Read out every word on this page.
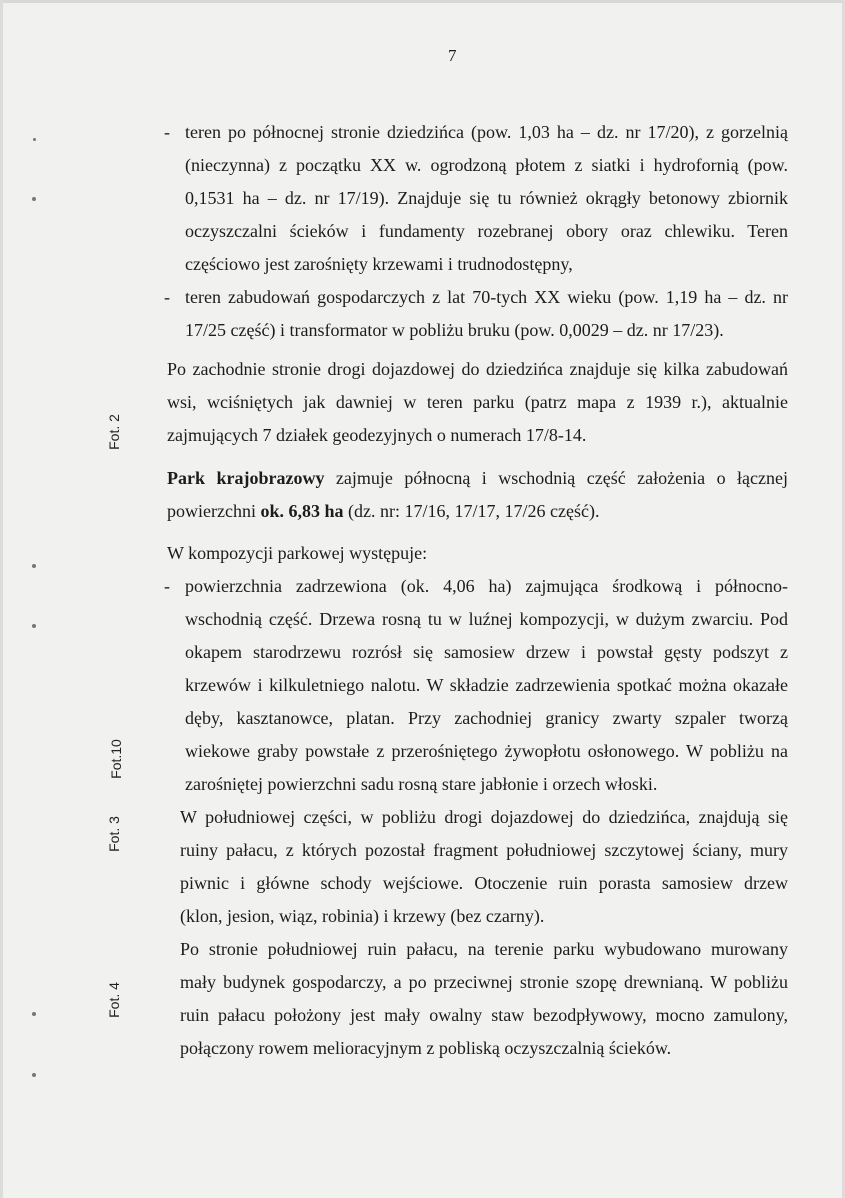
7
Fot. 2
Fot.10
Fot. 3
Fot. 4
- teren po północnej stronie dziedzińca (pow. 1,03 ha – dz. nr 17/20), z gorzelnią
(nieczynna) z początku XX w. ogrodzoną płotem z siatki i hydrofornią (pow.
0,1531 ha – dz. nr 17/19). Znajduje się tu również okrągły betonowy zbiornik
oczyszczalni ścieków i fundamenty rozebranej obory oraz chlewiku. Teren
częściowo jest zarośnięty krzewami i trudnodostępny,
- teren zabudowań gospodarczych z lat 70-tych XX wieku (pow. 1,19 ha – dz. nr
17/25 część) i transformator w pobliżu bruku (pow. 0,0029 – dz. nr 17/23).
Po zachodnie stronie drogi dojazdowej do dziedzińca znajduje się kilka zabudowań
wsi, wciśniętych jak dawniej w teren parku (patrz mapa z 1939 r.), aktualnie
zajmujących 7 działek geodezyjnych o numerach 17/8-14.
Park krajobrazowy zajmuje północną i wschodnią część założenia o łącznej
powierzchni ok. 6,83 ha (dz. nr: 17/16, 17/17, 17/26 część).
W kompozycji parkowej występuje:
- powierzchnia zadrzewiona (ok. 4,06 ha) zajmująca środkową i północno-
wschodnią część. Drzewa rosną tu w luźnej kompozycji, w dużym zwarciu. Pod
okapem starodrzewu rozrósł się samosiew drzew i powstał gęsty podszyt z
krzewów i kilkuletniego nalotu. W składzie zadrzewienia spotkać można okazałe
dęby, kasztanowce, platan. Przy zachodniej granicy zwarty szpaler tworzą
wiekowe graby powstałe z przerośniętego żywopłotu osłonowego. W pobliżu na
zarośniętej powierzchni sadu rosną stare jabłonie i orzech włoski.
W południowej części, w pobliżu drogi dojazdowej do dziedzińca, znajdują się
ruiny pałacu, z których pozostał fragment południowej szczytowej ściany, mury
piwnic i główne schody wejściowe. Otoczenie ruin porasta samosiew drzew
(klon, jesion, wiąz, robinia) i krzewy (bez czarny).
Po stronie południowej ruin pałacu, na terenie parku wybudowano murowany
mały budynek gospodarczy, a po przeciwnej stronie szopę drewnianą. W pobliżu
ruin pałacu położony jest mały owalny staw bezodpływowy, mocno zamulony,
połączony rowem melioracyjnym z pobliską oczyszczalnią ścieków.
